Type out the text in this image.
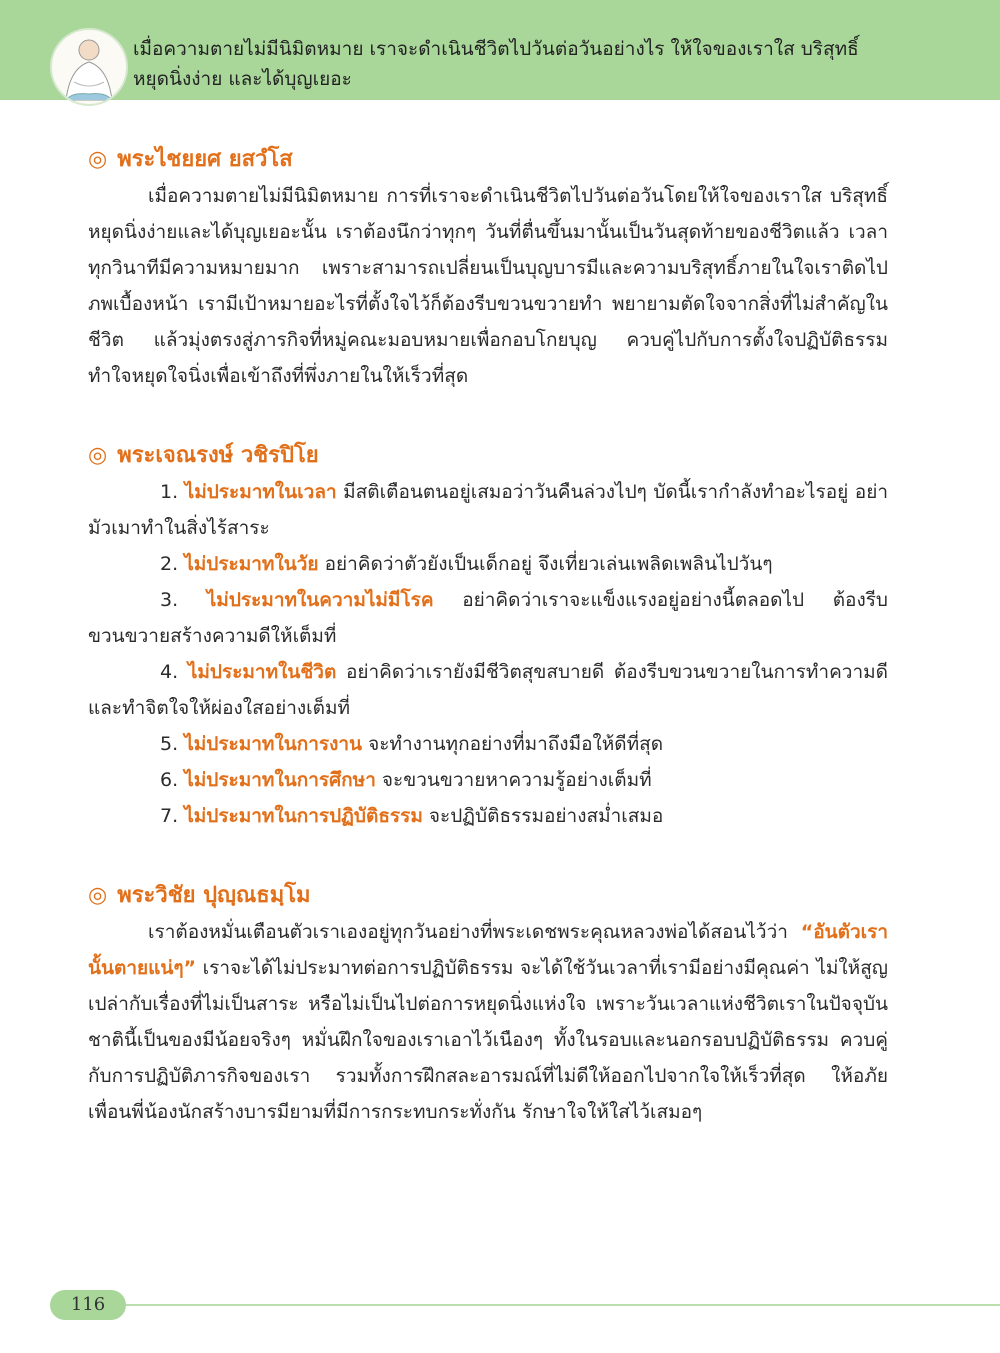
เมื่อความตายไม่มีนิมิตหมาย เราจะดำเนินชีวิตไปวันต่อวันอย่างไร ให้ใจของเราใส บริสุทธิ์
หยุดนิ่งง่าย และได้บุญเยอะ
◎ พระไชยยศ ยสวํโส

เมื่อความตายไม่มีนิมิตหมาย การที่เราจะดำเนินชีวิตไปวันต่อวันโดยให้ใจของเราใส บริสุทธิ์ หยุดนิ่งง่ายและได้บุญเยอะนั้น เราต้องนึกว่าทุกๆ วันที่ตื่นขึ้นมานั้นเป็นวันสุดท้ายของชีวิตแล้ว เวลาทุกวินาทีมีความหมายมาก เพราะสามารถเปลี่ยนเป็นบุญบารมีและความบริสุทธิ์ภายในใจเราติดไปภพเบื้องหน้า เรามีเป้าหมายอะไรที่ตั้งใจไว้ก็ต้องรีบขวนขวายทำ พยายามตัดใจจากสิ่งที่ไม่สำคัญในชีวิต แล้วมุ่งตรงสู่ภารกิจที่หมู่คณะมอบหมายเพื่อกอบโกยบุญ ควบคู่ไปกับการตั้งใจปฏิบัติธรรม ทำใจหยุดใจนิ่งเพื่อเข้าถึงที่พึ่งภายในให้เร็วที่สุด

◎ พระเจณรงษ์ วชิรปิโย

1. ไม่ประมาทในเวลา มีสติเตือนตนอยู่เสมอว่าวันคืนล่วงไปๆ บัดนี้เรากำลังทำอะไรอยู่ อย่ามัวเมาทำในสิ่งไร้สาระ

2. ไม่ประมาทในวัย อย่าคิดว่าตัวยังเป็นเด็กอยู่ จึงเที่ยวเล่นเพลิดเพลินไปวันๆ

3. ไม่ประมาทในความไม่มีโรค อย่าคิดว่าเราจะแข็งแรงอยู่อย่างนี้ตลอดไป ต้องรีบขวนขวายสร้างความดีให้เต็มที่

4. ไม่ประมาทในชีวิต อย่าคิดว่าเรายังมีชีวิตสุขสบายดี ต้องรีบขวนขวายในการทำความดีและทำจิตใจให้ผ่องใสอย่างเต็มที่

5. ไม่ประมาทในการงาน จะทำงานทุกอย่างที่มาถึงมือให้ดีที่สุด

6. ไม่ประมาทในการศึกษา จะขวนขวายหาความรู้อย่างเต็มที่

7. ไม่ประมาทในการปฏิบัติธรรม จะปฏิบัติธรรมอย่างสม่ำเสมอ

◎ พระวิชัย ปุญฺณธมฺโม

เราต้องหมั่นเตือนตัวเราเองอยู่ทุกวันอย่างที่พระเดชพระคุณหลวงพ่อได้สอนไว้ว่า “อันตัวเรานั้นตายแน่ๆ” เราจะได้ไม่ประมาทต่อการปฏิบัติธรรม จะได้ใช้วันเวลาที่เรามีอย่างมีคุณค่า ไม่ให้สูญเปล่ากับเรื่องที่ไม่เป็นสาระ หรือไม่เป็นไปต่อการหยุดนิ่งแห่งใจ เพราะวันเวลาแห่งชีวิตเราในปัจจุบันชาตินี้เป็นของมีน้อยจริงๆ หมั่นฝึกใจของเราเอาไว้เนืองๆ ทั้งในรอบและนอกรอบปฏิบัติธรรม ควบคู่กับการปฏิบัติภารกิจของเรา รวมทั้งการฝึกสละอารมณ์ที่ไม่ดีให้ออกไปจากใจให้เร็วที่สุด ให้อภัยเพื่อนพี่น้องนักสร้างบารมียามที่มีการกระทบกระทั่งกัน รักษาใจให้ใสไว้เสมอๆ

116
